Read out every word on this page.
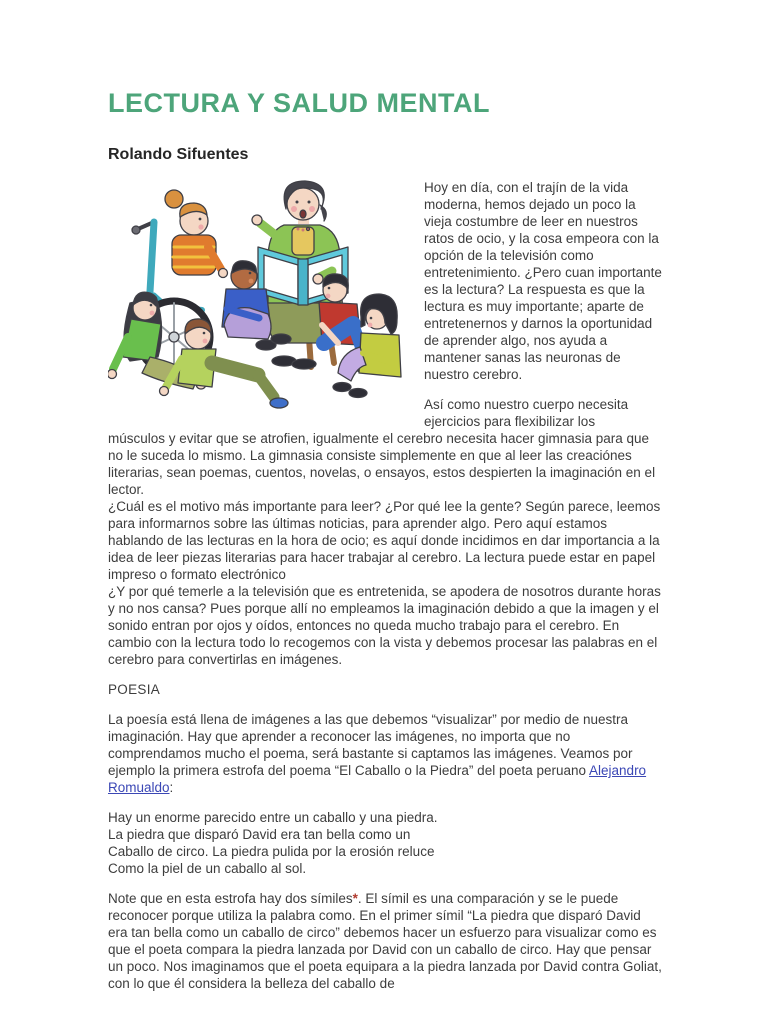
LECTURA Y SALUD MENTAL
Rolando Sifuentes

Hoy en día, con el trajín de la vida moderna, hemos dejado un poco la vieja costumbre de leer en nuestros ratos de ocio, y la cosa empeora con la opción de la televisión como entretenimiento. ¿Pero cuan importante es la lectura? La respuesta es que la lectura es muy importante; aparte de entretenernos y darnos la oportunidad de aprender algo, nos ayuda a mantener sanas las neuronas de nuestro cerebro.

Así como nuestro cuerpo necesita ejercicios para flexibilizar los

músculos y evitar que se atrofien, igualmente el cerebro necesita hacer gimnasia para que no le suceda lo mismo. La gimnasia consiste simplemente en que al leer las creaciónes literarias, sean poemas, cuentos, novelas, o ensayos, estos despierten la imaginación en el lector.

¿Cuál es el motivo más importante para leer? ¿Por qué lee la gente? Según parece, leemos para informarnos sobre las últimas noticias, para aprender algo. Pero aquí estamos hablando de las lecturas en la hora de ocio; es aquí donde incidimos en dar importancia a la idea de leer piezas literarias para hacer trabajar al cerebro. La lectura puede estar en papel impreso o formato electrónico

¿Y por qué temerle a la televisión que es entretenida, se apodera de nosotros durante horas y no nos cansa? Pues porque allí no empleamos la imaginación debido a que la imagen y el sonido entran por ojos y oídos, entonces no queda mucho trabajo para el cerebro. En cambio con la lectura todo lo recogemos con la vista y debemos procesar las palabras en el cerebro para convertirlas en imágenes.

POESIA

La poesía está llena de imágenes a las que debemos “visualizar” por medio de nuestra imaginación. Hay que aprender a reconocer las imágenes, no importa que no comprendamos mucho el poema, será bastante si captamos las imágenes. Veamos por ejemplo la primera estrofa del poema “El Caballo o la Piedra” del poeta peruano Alejandro Romualdo:

Hay un enorme parecido entre un caballo y una piedra.
La piedra que disparó David era tan bella como un
Caballo de circo. La piedra pulida por la erosión reluce
Como la piel de un caballo al sol.

Note que en esta estrofa hay dos símiles*. El símil es una comparación y se le puede reconocer porque utiliza la palabra como. En el primer símil “La piedra que disparó David era tan bella como un caballo de circo” debemos hacer un esfuerzo para visualizar como es que el poeta compara la piedra lanzada por David con un caballo de circo. Hay que pensar un poco. Nos imaginamos que el poeta equipara a la piedra lanzada por David contra Goliat, con lo que él considera la belleza del caballo de
